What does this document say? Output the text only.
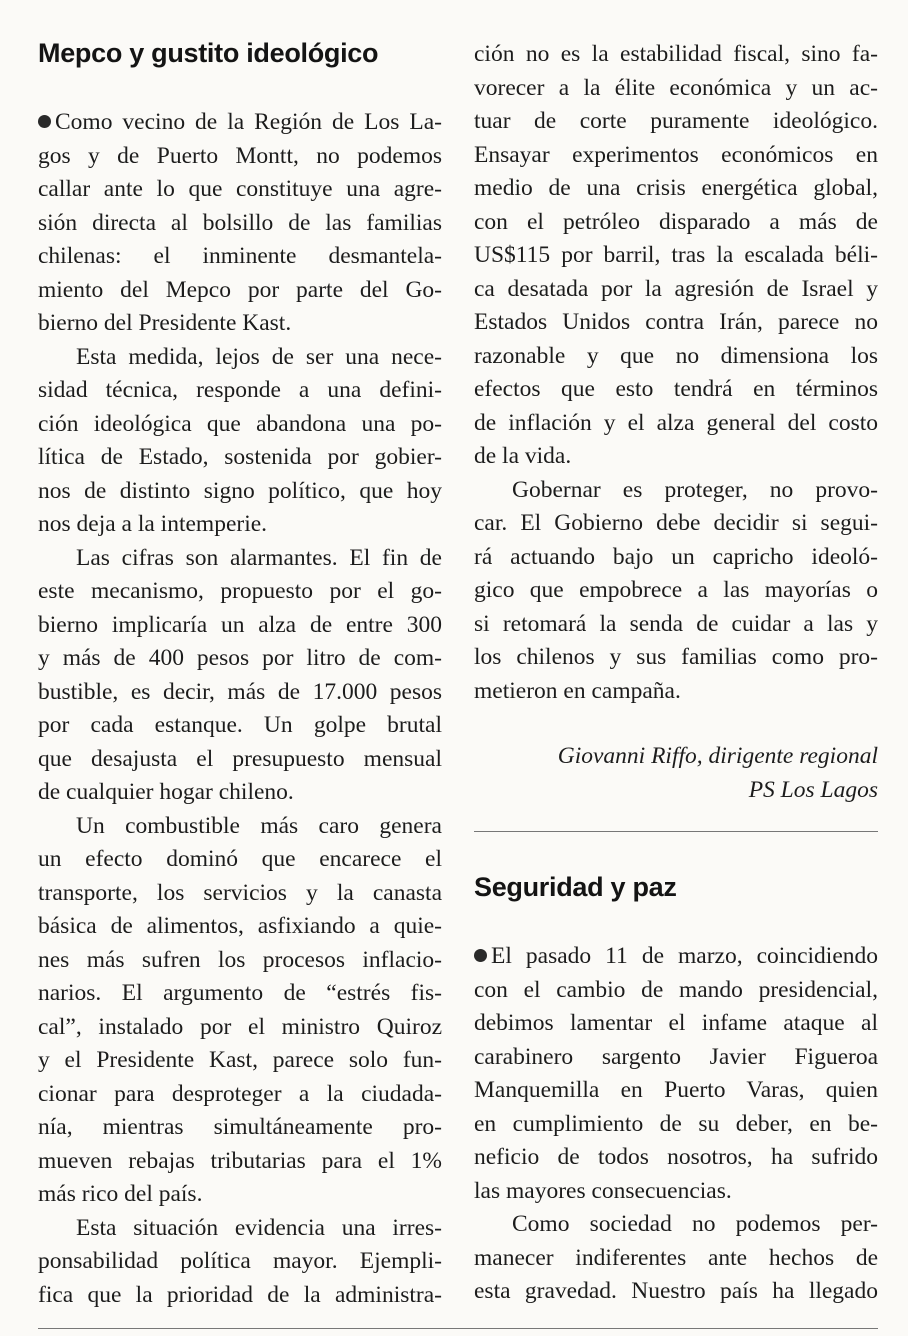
Mepco y gustito ideológico
Como vecino de la Región de Los La-
gos y de Puerto Montt, no podemos
callar ante lo que constituye una agre-
sión directa al bolsillo de las familias
chilenas: el inminente desmantela-
miento del Mepco por parte del Go-
bierno del Presidente Kast.
Esta medida, lejos de ser una nece-
sidad técnica, responde a una defini-
ción ideológica que abandona una po-
lítica de Estado, sostenida por gobier-
nos de distinto signo político, que hoy
nos deja a la intemperie.
Las cifras son alarmantes. El fin de
este mecanismo, propuesto por el go-
bierno implicaría un alza de entre 300
y más de 400 pesos por litro de com-
bustible, es decir, más de 17.000 pesos
por cada estanque. Un golpe brutal
que desajusta el presupuesto mensual
de cualquier hogar chileno.
Un combustible más caro genera
un efecto dominó que encarece el
transporte, los servicios y la canasta
básica de alimentos, asfixiando a quie-
nes más sufren los procesos inflacio-
narios. El argumento de “estrés fis-
cal”, instalado por el ministro Quiroz
y el Presidente Kast, parece solo fun-
cionar para desproteger a la ciudada-
nía, mientras simultáneamente pro-
mueven rebajas tributarias para el 1%
más rico del país.
Esta situación evidencia una irres-
ponsabilidad política mayor. Ejempli-
fica que la prioridad de la administra-
ción no es la estabilidad fiscal, sino fa-
vorecer a la élite económica y un ac-
tuar de corte puramente ideológico.
Ensayar experimentos económicos en
medio de una crisis energética global,
con el petróleo disparado a más de
US$115 por barril, tras la escalada béli-
ca desatada por la agresión de Israel y
Estados Unidos contra Irán, parece no
razonable y que no dimensiona los
efectos que esto tendrá en términos
de inflación y el alza general del costo
de la vida.
Gobernar es proteger, no provo-
car. El Gobierno debe decidir si segui-
rá actuando bajo un capricho ideoló-
gico que empobrece a las mayorías o
si retomará la senda de cuidar a las y
los chilenos y sus familias como pro-
metieron en campaña.
Giovanni Riffo, dirigente regional
PS Los Lagos
Seguridad y paz
El pasado 11 de marzo, coincidiendo
con el cambio de mando presidencial,
debimos lamentar el infame ataque al
carabinero sargento Javier Figueroa
Manquemilla en Puerto Varas, quien
en cumplimiento de su deber, en be-
neficio de todos nosotros, ha sufrido
las mayores consecuencias.
Como sociedad no podemos per-
manecer indiferentes ante hechos de
esta gravedad. Nuestro país ha llegado
